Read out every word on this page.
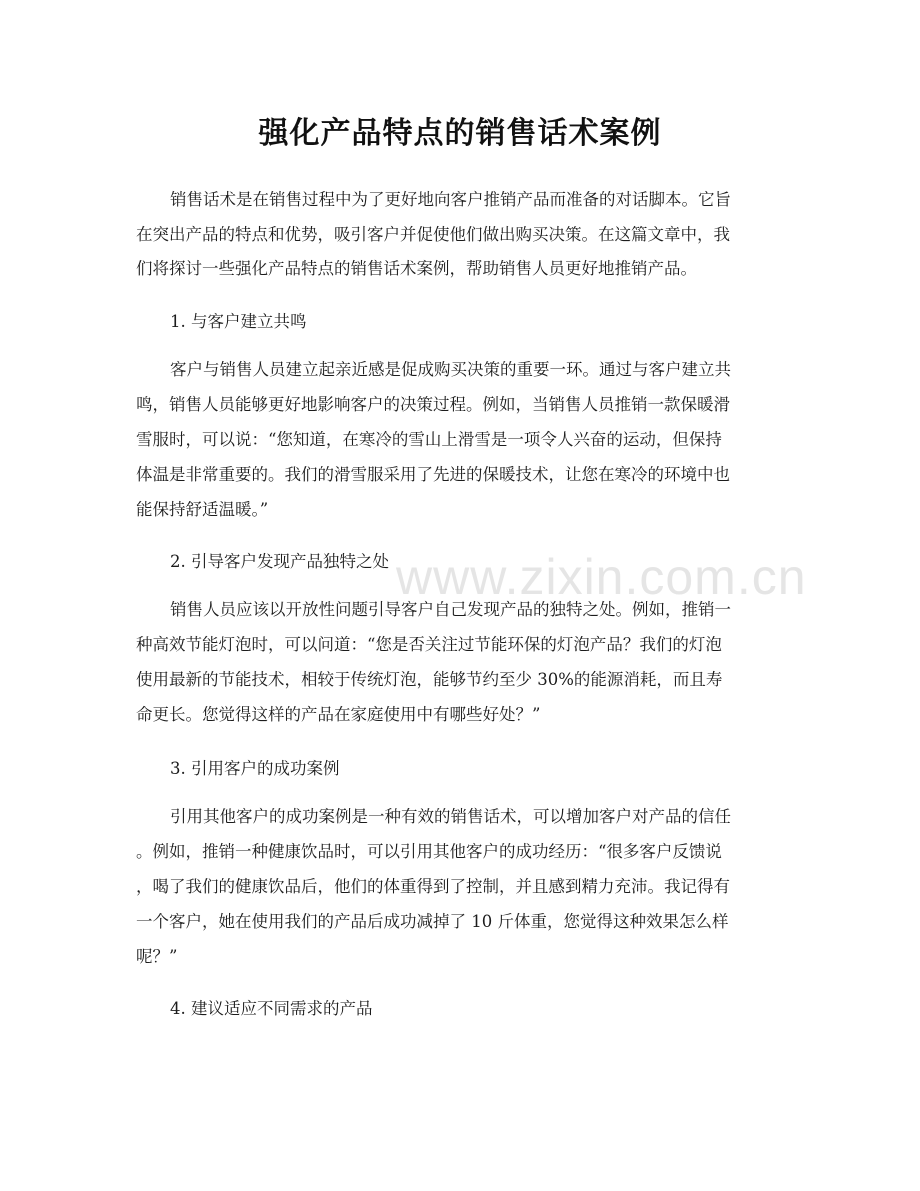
强化产品特点的销售话术案例
www.zixin.com.cn
销售话术是在销售过程中为了更好地向客户推销产品而准备的对话脚本。它旨
在突出产品的特点和优势，吸引客户并促使他们做出购买决策。在这篇文章中，我
们将探讨一些强化产品特点的销售话术案例，帮助销售人员更好地推销产品。
1. 与客户建立共鸣
客户与销售人员建立起亲近感是促成购买决策的重要一环。通过与客户建立共
鸣，销售人员能够更好地影响客户的决策过程。例如，当销售人员推销一款保暖滑
雪服时，可以说：“您知道，在寒冷的雪山上滑雪是一项令人兴奋的运动，但保持
体温是非常重要的。我们的滑雪服采用了先进的保暖技术，让您在寒冷的环境中也
能保持舒适温暖。”
2. 引导客户发现产品独特之处
销售人员应该以开放性问题引导客户自己发现产品的独特之处。例如，推销一
种高效节能灯泡时，可以问道：“您是否关注过节能环保的灯泡产品？我们的灯泡
使用最新的节能技术，相较于传统灯泡，能够节约至少 30%的能源消耗，而且寿
命更长。您觉得这样的产品在家庭使用中有哪些好处？”
3. 引用客户的成功案例
引用其他客户的成功案例是一种有效的销售话术，可以增加客户对产品的信任
。例如，推销一种健康饮品时，可以引用其他客户的成功经历：“很多客户反馈说
，喝了我们的健康饮品后，他们的体重得到了控制，并且感到精力充沛。我记得有
一个客户，她在使用我们的产品后成功减掉了 10 斤体重，您觉得这种效果怎么样
呢？”
4. 建议适应不同需求的产品
